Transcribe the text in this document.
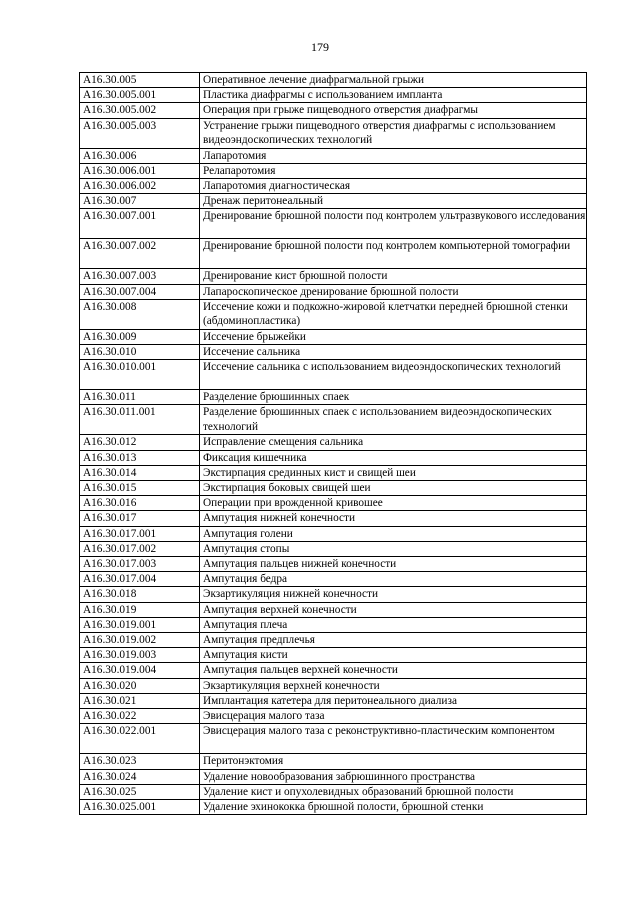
179
A16.30.005	Оперативное лечение диафрагмальной грыжи
A16.30.005.001	Пластика диафрагмы с использованием импланта
A16.30.005.002	Операция при грыже пищеводного отверстия диафрагмы
A16.30.005.003	Устранение грыжи пищеводного отверстия диафрагмы с использованием видеоэндоскопических технологий
A16.30.006	Лапаротомия
A16.30.006.001	Релапаротомия
A16.30.006.002	Лапаротомия диагностическая
A16.30.007	Дренаж перитонеальный
A16.30.007.001	Дренирование брюшной полости под контролем ультразвукового исследования
A16.30.007.002	Дренирование брюшной полости под контролем компьютерной томографии
A16.30.007.003	Дренирование кист брюшной полости
A16.30.007.004	Лапароскопическое дренирование брюшной полости
A16.30.008	Иссечение кожи и подкожно-жировой клетчатки передней брюшной стенки (абдоминопластика)
A16.30.009	Иссечение брыжейки
A16.30.010	Иссечение сальника
A16.30.010.001	Иссечение сальника с использованием видеоэндоскопических технологий
A16.30.011	Разделение брюшинных спаек
A16.30.011.001	Разделение брюшинных спаек с использованием видеоэндоскопических технологий
A16.30.012	Исправление смещения сальника
A16.30.013	Фиксация кишечника
A16.30.014	Экстирпация срединных кист и свищей шеи
A16.30.015	Экстирпация боковых свищей шеи
A16.30.016	Операции при врожденной кривошее
A16.30.017	Ампутация нижней конечности
A16.30.017.001	Ампутация голени
A16.30.017.002	Ампутация стопы
A16.30.017.003	Ампутация пальцев нижней конечности
A16.30.017.004	Ампутация бедра
A16.30.018	Экзартикуляция нижней конечности
A16.30.019	Ампутация верхней конечности
A16.30.019.001	Ампутация плеча
A16.30.019.002	Ампутация предплечья
A16.30.019.003	Ампутация кисти
A16.30.019.004	Ампутация пальцев верхней конечности
A16.30.020	Экзартикуляция верхней конечности
A16.30.021	Имплантация катетера для перитонеального диализа
A16.30.022	Эвисцерация малого таза
A16.30.022.001	Эвисцерация малого таза с реконструктивно-пластическим компонентом
A16.30.023	Перитонэктомия
A16.30.024	Удаление новообразования забрюшинного пространства
A16.30.025	Удаление кист и опухолевидных образований брюшной полости
A16.30.025.001	Удаление эхинококка брюшной полости, брюшной стенки
